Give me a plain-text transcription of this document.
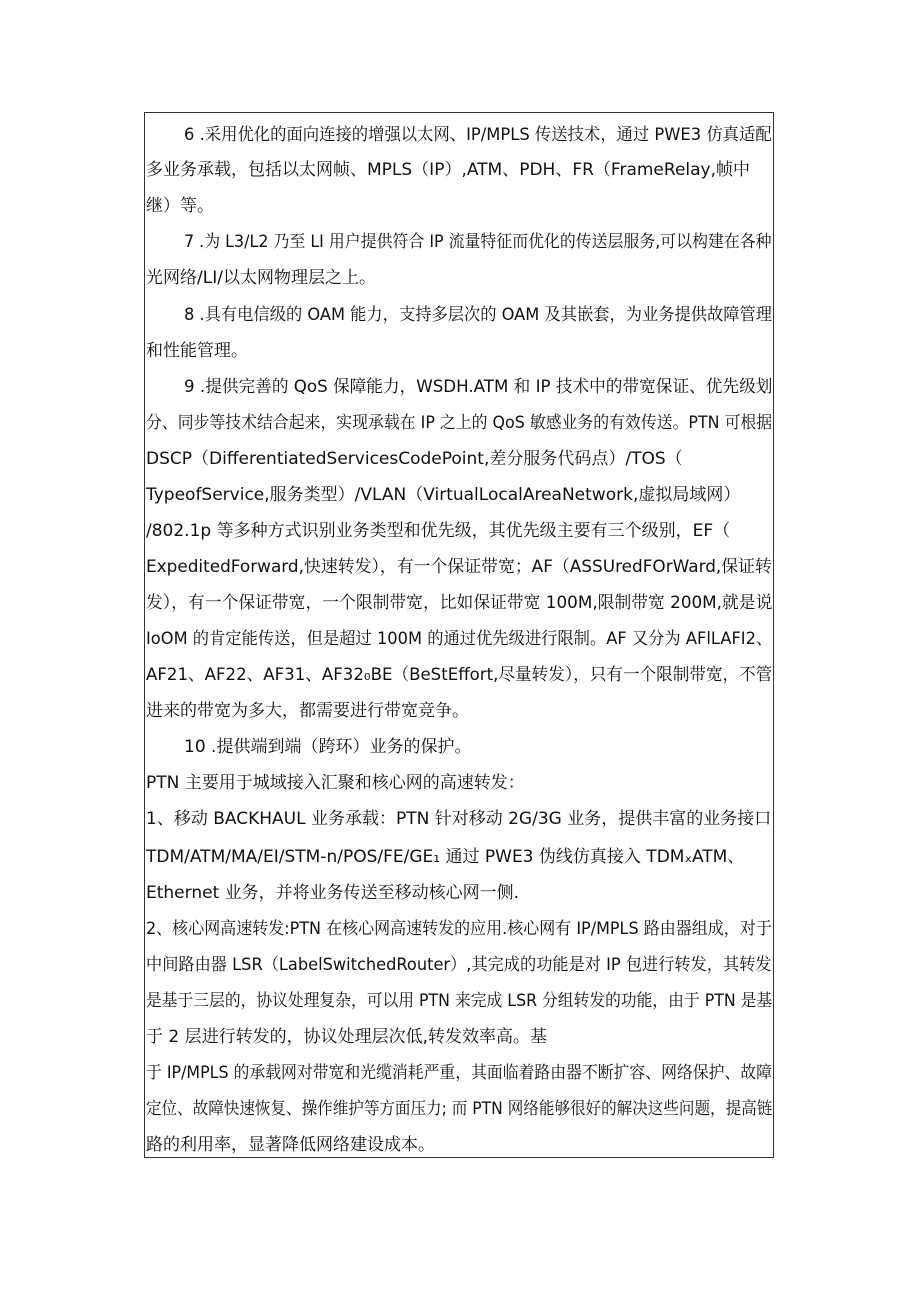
6 .采用优化的面向连接的增强以太网、IP/MPLS 传送技术，通过 PWE3 仿真适配
多业务承载，包括以太网帧、MPLS（IP）,ATM、PDH、FR（FrameRelay,帧中
继）等。
7 .为 L3/L2 乃至 LI 用户提供符合 IP 流量特征而优化的传送层服务,可以构建在各种
光网络/LI/以太网物理层之上。
8 .具有电信级的 OAM 能力，支持多层次的 OAM 及其嵌套，为业务提供故障管理
和性能管理。
9 .提供完善的 QoS 保障能力，WSDH.ATM 和 IP 技术中的带宽保证、优先级划
分、同步等技术结合起来，实现承载在 IP 之上的 QoS 敏感业务的有效传送。PTN 可根据
DSCP（DifferentiatedServicesCodePoint,差分服务代码点）/TOS（
TypeofService,服务类型）/VLAN（VirtualLocalAreaNetwork,虚拟局域网）
/802.1p 等多种方式识别业务类型和优先级，其优先级主要有三个级别，EF（
ExpeditedForward,快速转发），有一个保证带宽；AF（ASSUredFOrWard,保证转
发），有一个保证带宽，一个限制带宽，比如保证带宽 100M,限制带宽 200M,就是说
IoOM 的肯定能传送，但是超过 100M 的通过优先级进行限制。AF 又分为 AFlLAFI2、
AF21、AF22、AF31、AF32₀BE（BeStEffort,尽量转发），只有一个限制带宽，不管
进来的带宽为多大，都需要进行带宽竞争。
10 .提供端到端（跨环）业务的保护。
PTN 主要用于城域接入汇聚和核心网的高速转发：
1、移动 BACKHAUL 业务承载：PTN 针对移动 2G/3G 业务，提供丰富的业务接口
TDM/ATM/MA/EI/STM-n/POS/FE/GE₁ 通过 PWE3 伪线仿真接入 TDMₓATM、
Ethernet 业务，并将业务传送至移动核心网一侧.
2、核心网高速转发:PTN 在核心网高速转发的应用.核心网有 IP/MPLS 路由器组成，对于
中间路由器 LSR（LabelSwitchedRouter）,其完成的功能是对 IP 包进行转发，其转发
是基于三层的，协议处理复杂，可以用 PTN 来完成 LSR 分组转发的功能，由于 PTN 是基
于 2 层进行转发的，协议处理层次低,转发效率高。基
于 IP/MPLS 的承载网对带宽和光缆消耗严重，其面临着路由器不断扩容、网络保护、故障
定位、故障快速恢复、操作维护等方面压力; 而 PTN 网络能够很好的解决这些问题，提高链
路的利用率，显著降低网络建设成本。
